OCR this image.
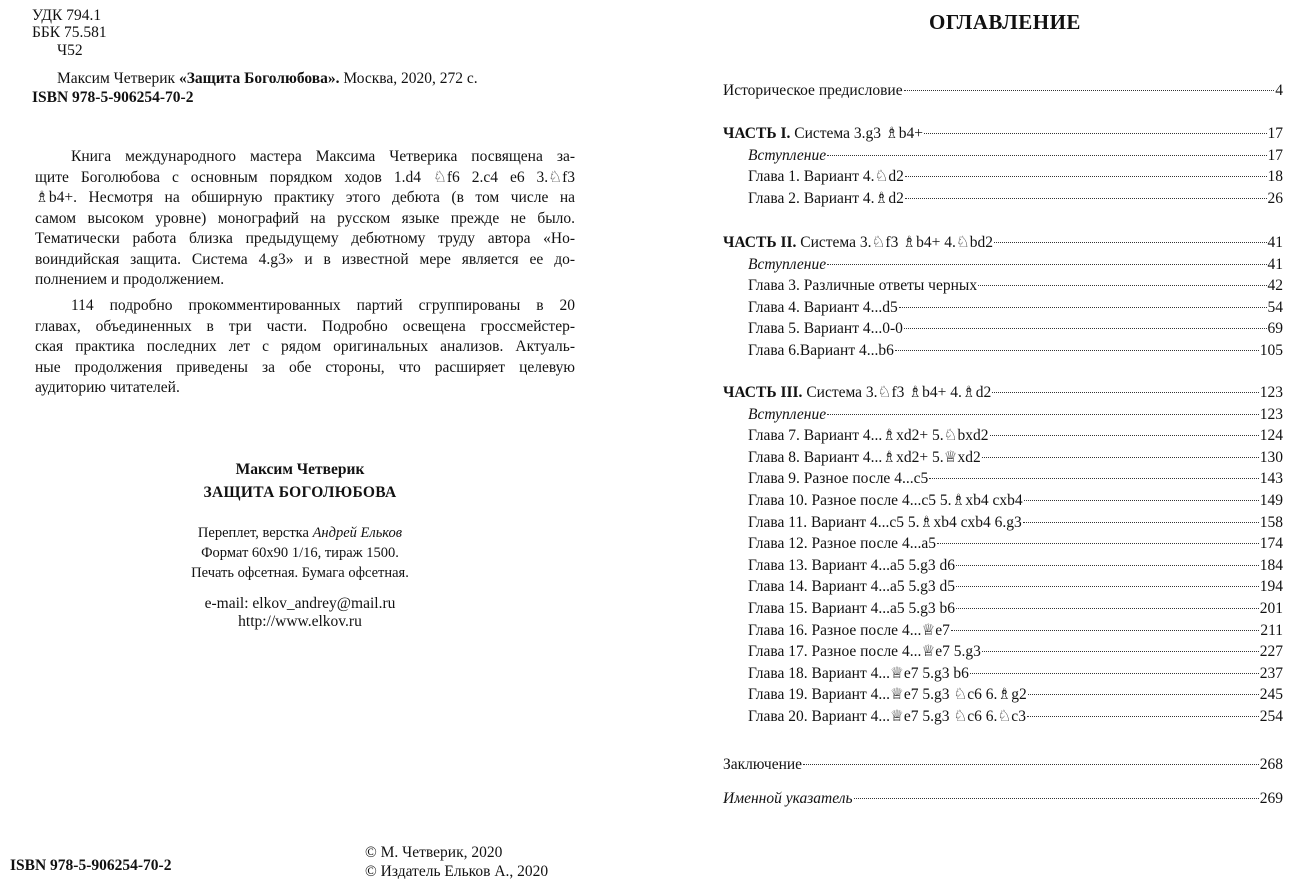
УДК 794.1
ББК 75.581
Ч52
Максим Четверик «Защита Боголюбова». Москва, 2020, 272 с.
ISBN 978-5-906254-70-2
Книга международного мастера Максима Четверика посвящена за-
щите Боголюбова с основным порядком ходов 1.d4 ♘f6 2.c4 e6 3.♘f3
♗b4+. Несмотря на обширную практику этого дебюта (в том числе на
самом высоком уровне) монографий на русском языке прежде не было.
Тематически работа близка предыдущему дебютному труду автора «Но-
воиндийская защита. Система 4.g3» и в известной мере является ее до-
полнением и продолжением.
114 подробно прокомментированных партий сгруппированы в 20
главах, объединенных в три части. Подробно освещена гроссмейстер-
ская практика последних лет с рядом оригинальных анализов. Актуаль-
ные продолжения приведены за обе стороны, что расширяет целевую
аудиторию читателей.
Максим Четверик
ЗАЩИТА БОГОЛЮБОВА
Переплет, верстка Андрей Ельков
Формат 60x90 1/16, тираж 1500.
Печать офсетная. Бумага офсетная.
e-mail: elkov_andrey@mail.ru
http://www.elkov.ru
ISBN 978-5-906254-70-2
© М. Четверик, 2020
© Издатель Ельков А., 2020
ОГЛАВЛЕНИЕ
Историческое предисловие	4
ЧАСТЬ I. Система 3.g3 ♗b4+	17
Вступление	17
Глава 1. Вариант 4.♘d2	18
Глава 2. Вариант 4.♗d2	26
ЧАСТЬ II. Система 3.♘f3 ♗b4+ 4.♘bd2	41
Вступление	41
Глава 3. Различные ответы черных	42
Глава 4. Вариант 4...d5	54
Глава 5. Вариант 4...0-0	69
Глава 6.Вариант 4...b6	105
ЧАСТЬ III. Система 3.♘f3 ♗b4+ 4.♗d2	123
Вступление	123
Глава 7. Вариант 4...♗xd2+ 5.♘bxd2	124
Глава 8. Вариант 4...♗xd2+ 5.♕xd2	130
Глава 9. Разное после 4...c5	143
Глава 10. Разное после 4...c5 5.♗xb4 cxb4	149
Глава 11. Вариант 4...c5 5.♗xb4 cxb4 6.g3	158
Глава 12. Разное после 4...a5	174
Глава 13. Вариант 4...a5 5.g3 d6	184
Глава 14. Вариант 4...a5 5.g3 d5	194
Глава 15. Вариант 4...a5 5.g3 b6	201
Глава 16. Разное после 4...♕e7	211
Глава 17. Разное после 4...♕e7 5.g3	227
Глава 18. Вариант 4...♕e7 5.g3 b6	237
Глава 19. Вариант 4...♕e7 5.g3 ♘c6 6.♗g2	245
Глава 20. Вариант 4...♕e7 5.g3 ♘c6 6.♘c3	254
Заключение	268
Именной указатель	269
